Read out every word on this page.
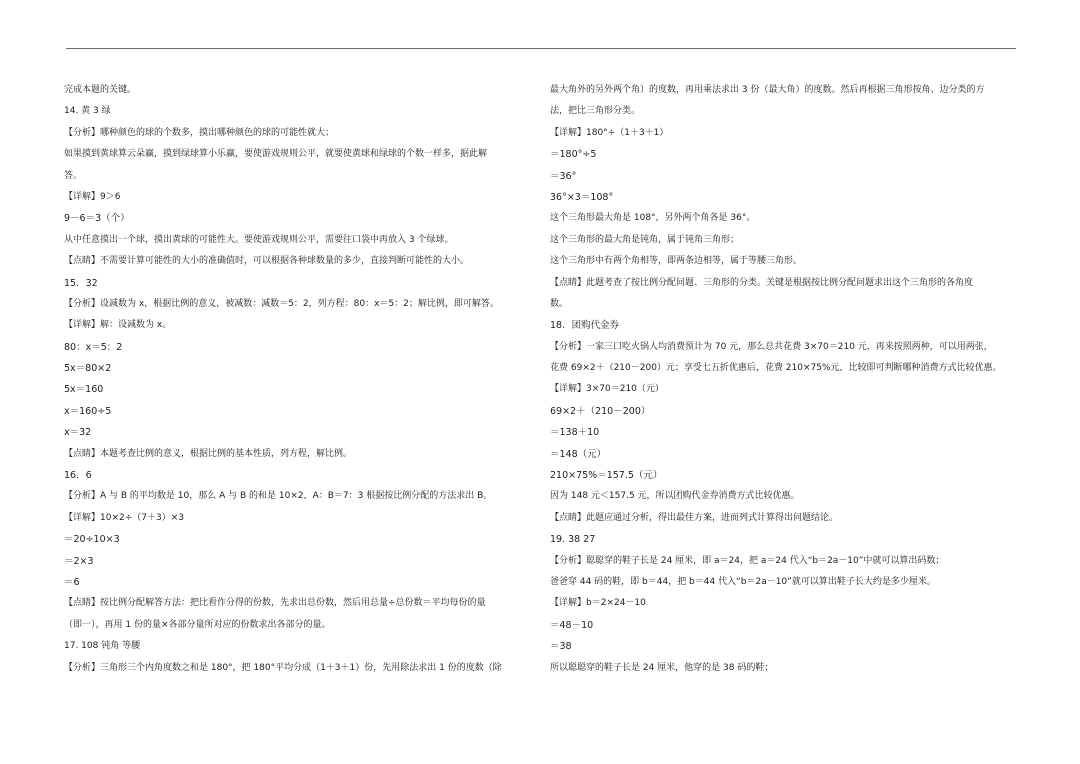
完成本题的关键。
14. 黄 3 绿
【分析】哪种颜色的球的个数多，摸出哪种颜色的球的可能性就大；
如果摸到黄球算云朵赢，摸到绿球算小乐赢，要使游戏规则公平，就要使黄球和绿球的个数一样多，据此解
答。
【详解】9＞6
9－6＝3（个）
从中任意摸出一个球，摸出黄球的可能性大。要使游戏规则公平，需要往口袋中再放入 3 个绿球。
【点睛】不需要计算可能性的大小的准确值时，可以根据各种球数量的多少，直接判断可能性的大小。
15．32
【分析】设减数为 x，根据比例的意义，被减数：减数＝5：2，列方程：80：x＝5：2；解比例，即可解答。
【详解】解：设减数为 x。
80：x＝5：2
5x＝80×2
5x＝160
x＝160÷5
x＝32
【点睛】本题考查比例的意义，根据比例的基本性质，列方程，解比例。
16．6
【分析】A 与 B 的平均数是 10，那么 A 与 B 的和是 10×2，A：B＝7：3 根据按比例分配的方法求出 B。
【详解】10×2÷（7＋3）×3
＝20÷10×3
＝2×3
＝6
【点睛】按比例分配解答方法：把比看作分得的份数，先求出总份数，然后用总量÷总份数＝平均每份的量
（即一），再用 1 份的量×各部分量所对应的份数求出各部分的量。
17. 108 钝角 等腰
【分析】三角形三个内角度数之和是 180°，把 180°平均分成（1＋3＋1）份，先用除法求出 1 份的度数（除
最大角外的另外两个角）的度数，再用乘法求出 3 份（最大角）的度数。然后再根据三角形按角、边分类的方
法，把比三角形分类。
【详解】180°÷（1＋3＋1）
＝180°÷5
＝36°
36°×3＝108°
这个三角形最大角是 108°，另外两个角各是 36°。
这个三角形的最大角是钝角，属于钝角三角形；
这个三角形中有两个角相等，即两条边相等，属于等腰三角形。
【点睛】此题考查了按比例分配问题、三角形的分类。关键是根据按比例分配问题求出这个三角形的各角度
数。
18．团购代金券
【分析】一家三口吃火锅人均消费预计为 70 元，那么总共花费 3×70＝210 元，再来按照两种，可以用两张，
花费 69×2＋（210－200）元；享受七五折优惠后，花费 210×75%元，比较即可判断哪种消费方式比较优惠。
【详解】3×70＝210（元）
69×2＋（210－200）
＝138＋10
＝148（元）
210×75%＝157.5（元）
因为 148 元＜157.5 元，所以团购代金券消费方式比较优惠。
【点睛】此题应通过分析，得出最佳方案，进而列式计算得出问题结论。
19. 38 27
【分析】聪聪穿的鞋子长是 24 厘米，即 a＝24，把 a＝24 代入“b＝2a－10”中就可以算出码数；
爸爸穿 44 码的鞋，即 b＝44，把 b＝44 代入“b＝2a－10”就可以算出鞋子长大约是多少厘米。
【详解】b＝2×24－10
＝48－10
＝38
所以聪聪穿的鞋子长是 24 厘米，他穿的是 38 码的鞋；
